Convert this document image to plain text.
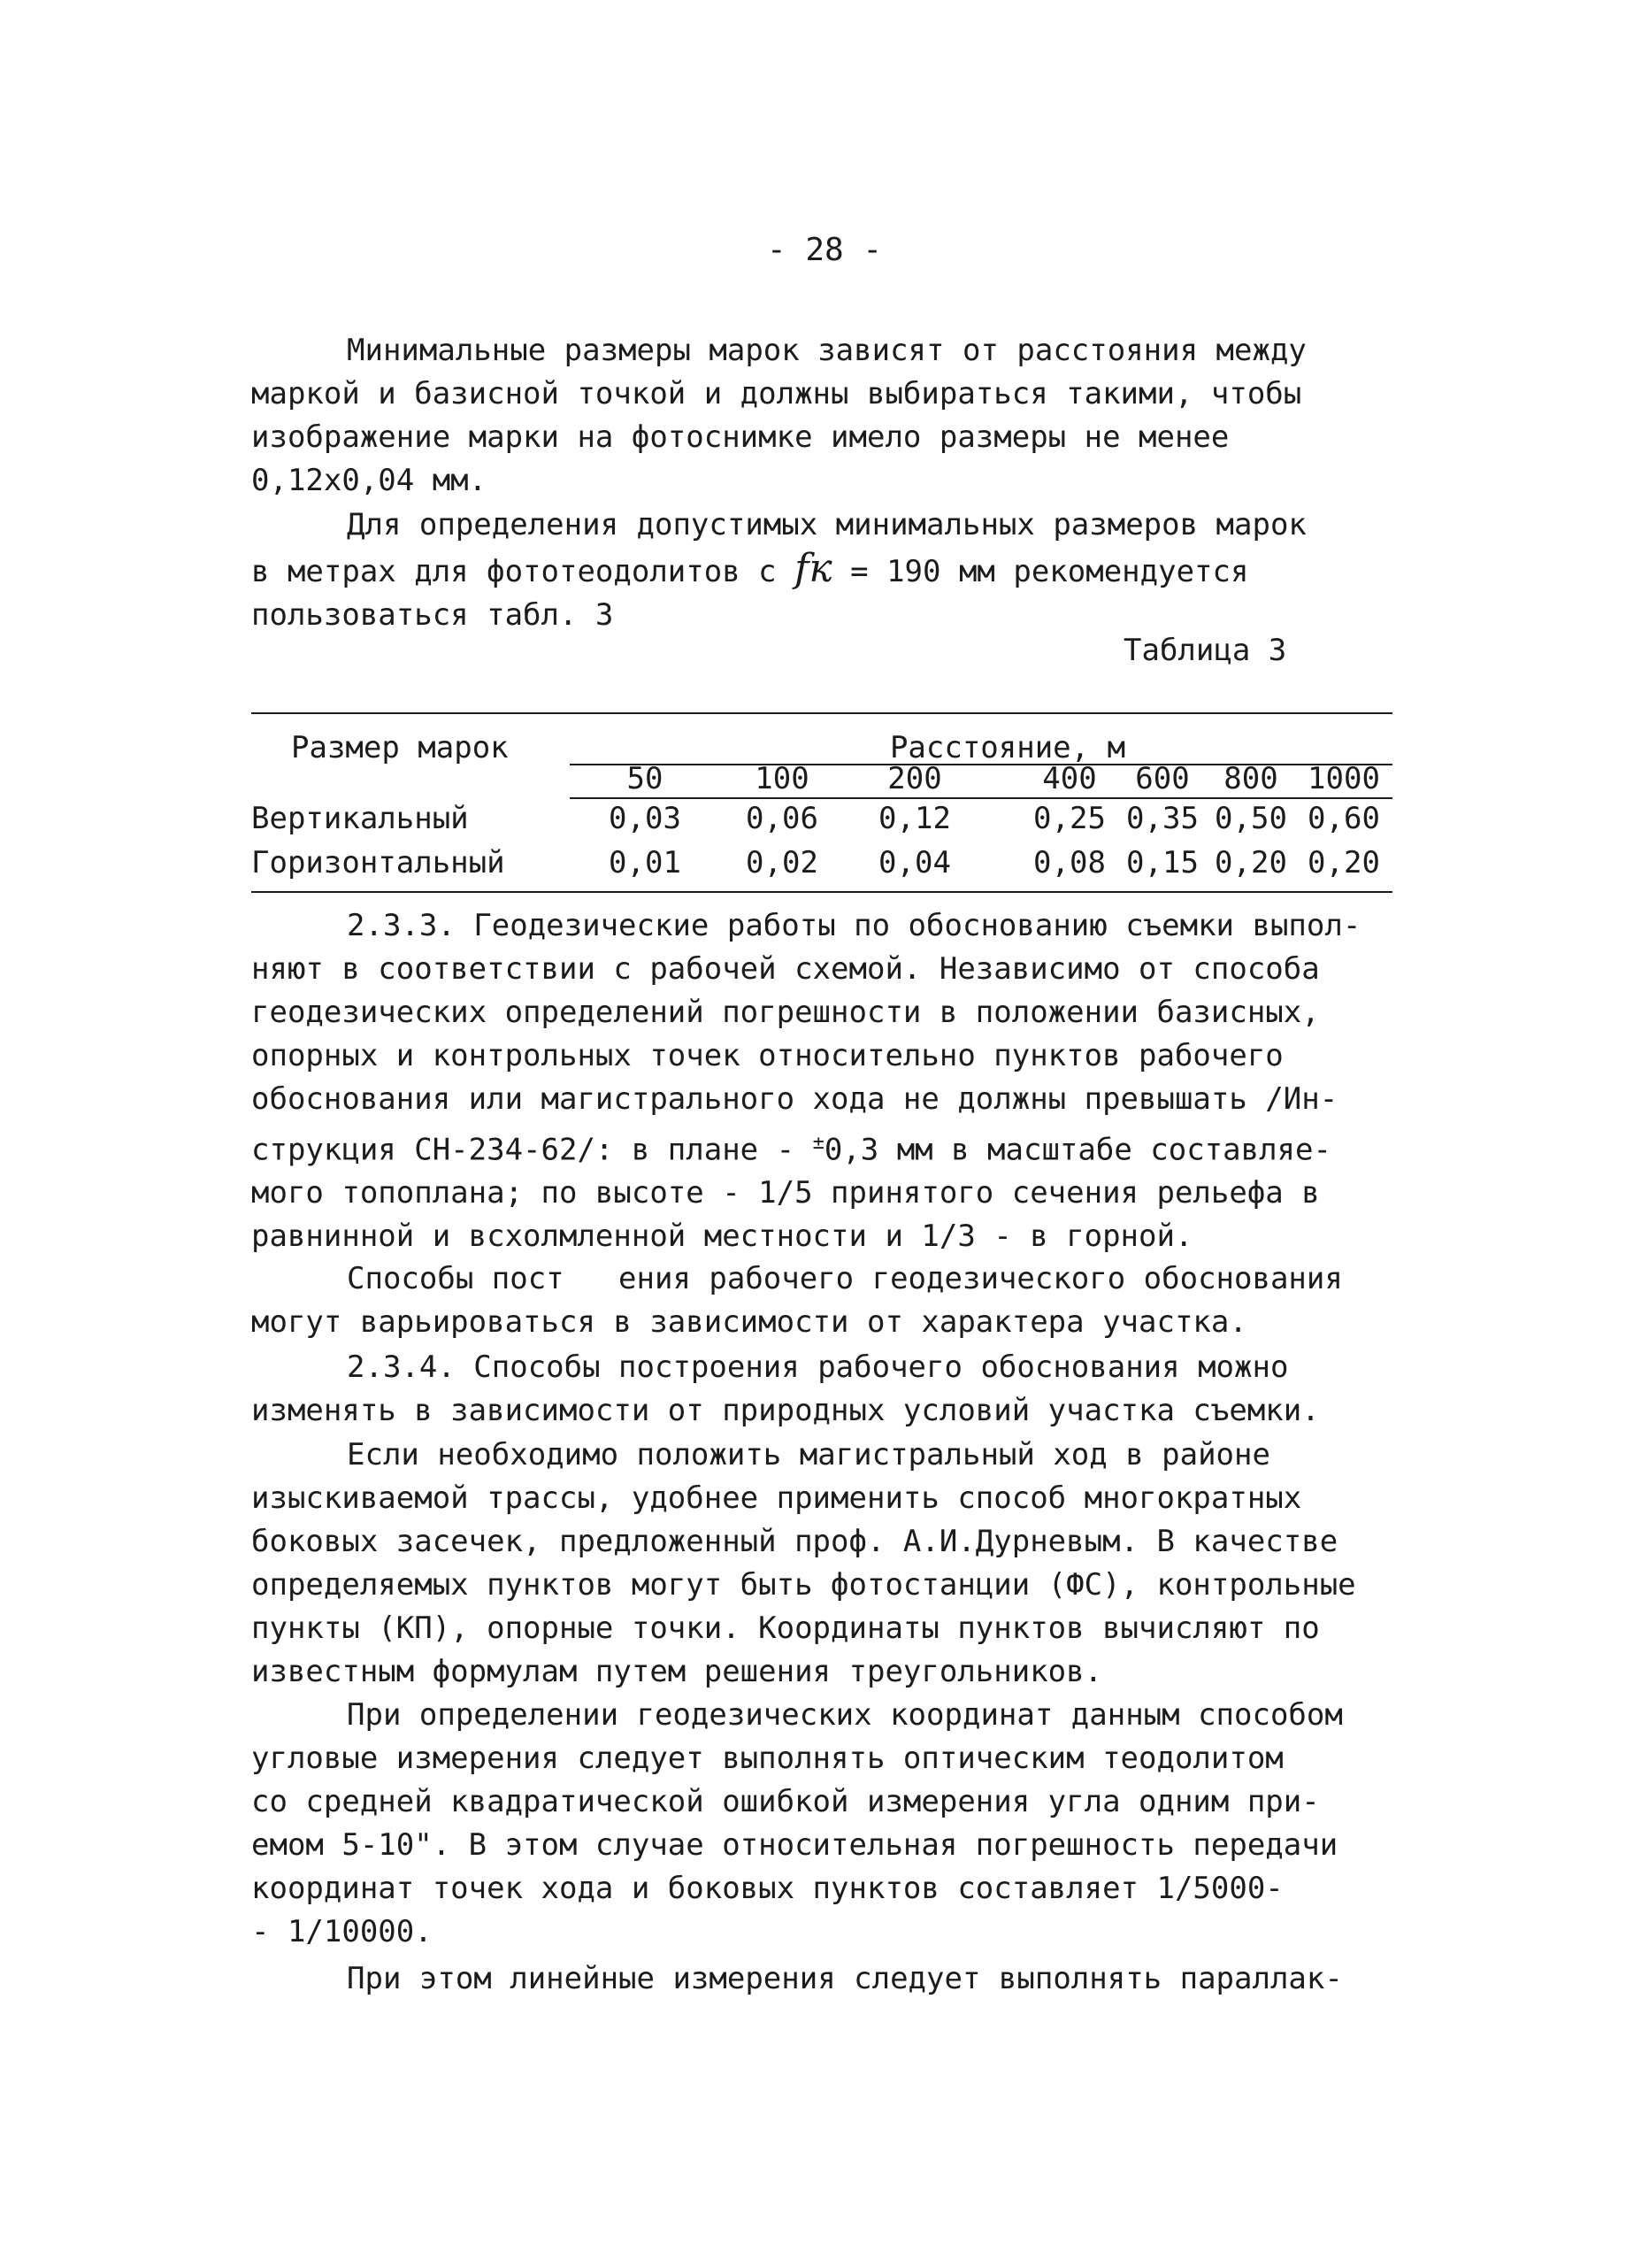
- 28 -
Минимальные размеры марок зависят от расстояния между
маркой и базисной точкой и должны выбираться такими, чтобы
изображение марки на фотоснимке имело размеры не менее
0,12х0,04 мм.
Для определения допустимых минимальных размеров марок
в метрах для фототеодолитов с fк = 190 мм рекомендуется
пользоваться табл. 3
Таблица 3
Размер марок	Расстояние, м
50	100	200	400	600	800 1000
Вертикальный	0,03	0,06	0,12	0,25 0,35 0,50 0,60
Горизонтальный	0,01	0,02	0,04	0,08 0,15 0,20 0,20
2.3.3. Геодезические работы по обоснованию съемки выпол-
няют в соответствии с рабочей схемой. Независимо от способа
геодезических определений погрешности в положении базисных,
опорных и контрольных точек относительно пунктов рабочего
обоснования или магистрального хода не должны превышать /Ин-
струкция СН-234-62/: в плане - ±0,3 мм в масштабе составляе-
мого топоплана; по высоте - 1/5 принятого сечения рельефа в
равнинной и всхолмленной местности и 1/3 - в горной.
Способы пост   ения рабочего геодезического обоснования
могут варьироваться в зависимости от характера участка.
2.3.4. Способы построения рабочего обоснования можно
изменять в зависимости от природных условий участка съемки.
Если необходимо положить магистральный ход в районе
изыскиваемой трассы, удобнее применить способ многократных
боковых засечек, предложенный проф. А.И.Дурневым. В качестве
определяемых пунктов могут быть фотостанции (ФС), контрольные
пункты (КП), опорные точки. Координаты пунктов вычисляют по
известным формулам путем решения треугольников.
При определении геодезических координат данным способом
угловые измерения следует выполнять оптическим теодолитом
со средней квадратической ошибкой измерения угла одним при-
емом 5-10". В этом случае относительная погрешность передачи
координат точек хода и боковых пунктов составляет 1/5000-
- 1/10000.
При этом линейные измерения следует выполнять параллак-
